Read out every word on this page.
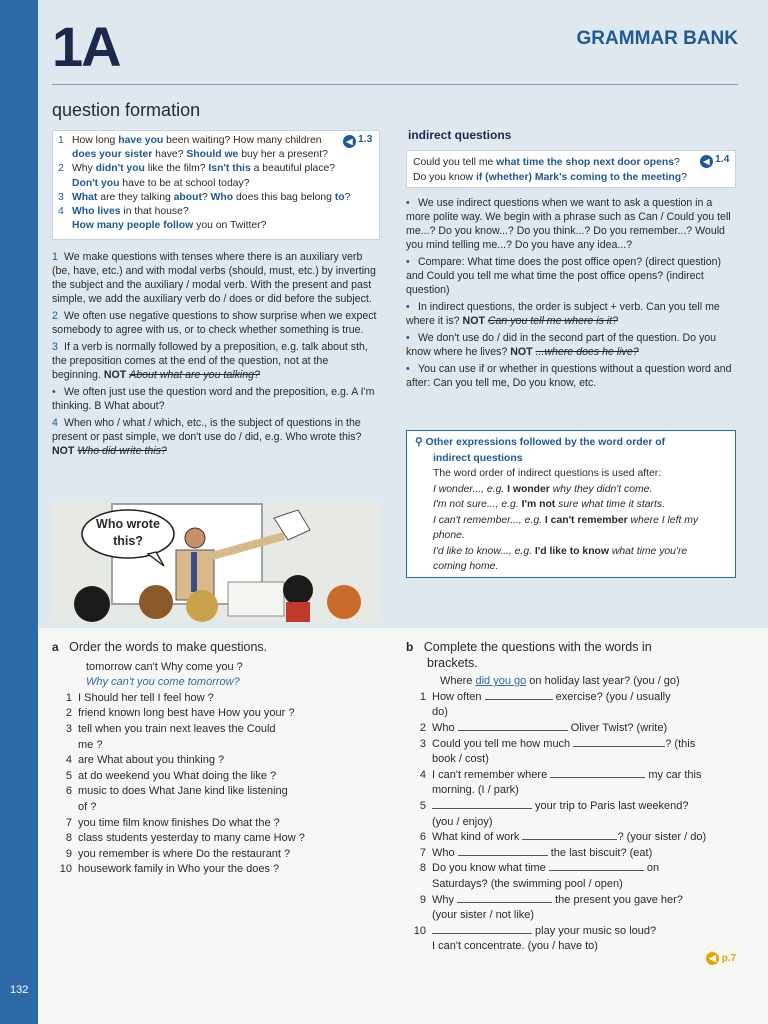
132
1A	GRAMMAR BANK
question formation
1 How long have you been waiting? How many children
does your sister have? Should we buy her a present?
2 Why didn't you like the film? Isn't this a beautiful place?
Don't you have to be at school today?
3 What are they talking about? Who does this bag belong to?
4 Who lives in that house?
How many people follow you on Twitter?
◀ 1.3

1 We make questions with tenses where there is an auxiliary verb (be, have, etc.) and with modal verbs (should, must, etc.) by inverting the subject and the auxiliary / modal verb. With the present and past simple, we add the auxiliary verb do / does or did before the subject.

2 We often use negative questions to show surprise when we expect somebody to agree with us, or to check whether something is true.

3 If a verb is normally followed by a preposition, e.g. talk about sth, the preposition comes at the end of the question, not at the beginning. NOT About what are you talking?

• We often just use the question word and the preposition, e.g. A I'm thinking. B What about?

4 When who / what / which, etc., is the subject of questions in the present or past simple, we don't use do / did, e.g. Who wrote this? NOT Who did write this?

Who wrote this?
indirect questions
Could you tell me what time the shop next door opens?
Do you know if (whether) Mark's coming to the meeting?
◀ 1.4

• We use indirect questions when we want to ask a question in a more polite way. We begin with a phrase such as Can / Could you tell me...? Do you know...? Do you think...? Do you remember...? Would you mind telling me...? Do you have any idea...?

• Compare: What time does the post office open? (direct question) and Could you tell me what time the post office opens? (indirect question)

• In indirect questions, the order is subject + verb. Can you tell me where it is? NOT Can you tell me where is it?

• We don't use do / did in the second part of the question. Do you know where he lives? NOT ...where does he live?

• You can use if or whether in questions without a question word and after: Can you tell me, Do you know, etc.

⚲ Other expressions followed by the word order of
indirect questions
The word order of indirect questions is used after:
I wonder..., e.g. I wonder why they didn't come.
I'm not sure..., e.g. I'm not sure what time it starts.
I can't remember..., e.g. I can't remember where I left my
phone.
I'd like to know..., e.g. I'd like to know what time you're
coming home.
a Order the words to make questions.
tomorrow can't Why come you ?
Why can't you come tomorrow?
1 I Should her tell I feel how ?
2 friend known long best have How you your ?
3 tell when you train next leaves the Could
me ?
4 are What about you thinking ?
5 at do weekend you What doing the like ?
6 music to does What Jane kind like listening
of ?
7 you time film know finishes Do what the ?
8 class students yesterday to many came How ?
9 you remember is where Do the restaurant ?
10 housework family in Who your the does ?
b Complete the questions with the words in
brackets.
Where did you go on holiday last year? (you / go)
1 How often	exercise? (you / usually
do)
2 Who	Oliver Twist? (write)
3 Could you tell me how much	? (this
book / cost)
4 I can't remember where	my car this
morning. (I / park)
5	your trip to Paris last weekend?
(you / enjoy)
6 What kind of work	? (your sister / do)
7 Who	the last biscuit? (eat)
8 Do you know what time	on
Saturdays? (the swimming pool / open)
9 Why	the present you gave her?
(your sister / not like)
10	play your music so loud?
I can't concentrate. (you / have to)
◀ p.7
